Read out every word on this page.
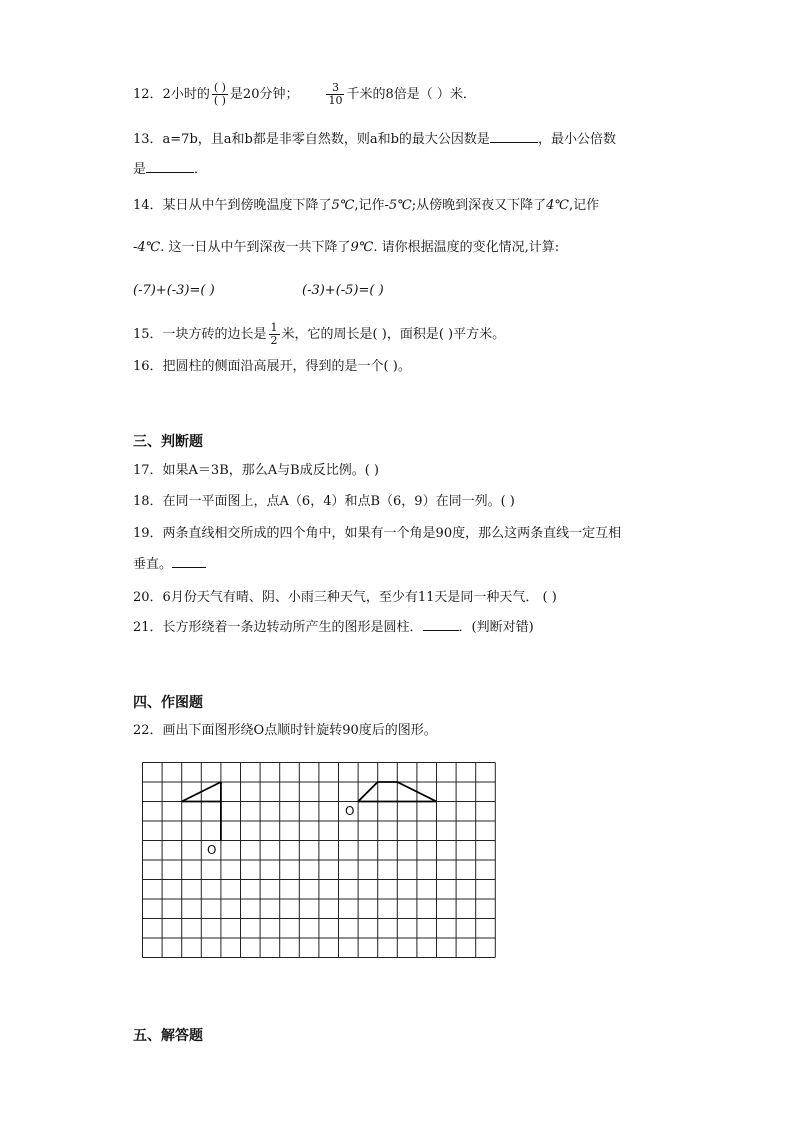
12．2小时的 $\frac{( )}{( )}$ 是20分钟；	$\frac{3}{10}$ 千米的8倍是（ ）米．
13．a=7b，且a和b都是非零自然数，则a和b的最大公因数是	，最小公倍数
是	．
14．某日从中午到傍晚温度下降了5℃,记作-5℃;从傍晚到深夜又下降了4℃,记作
-4℃. 这一日从中午到深夜一共下降了9℃. 请你根据温度的变化情况,计算:
(-7)+(-3)=( )	(-3)+(-5)=( )
15．一块方砖的边长是 $\frac{1}{2}$ 米，它的周长是( )，面积是( )平方米。
16．把圆柱的侧面沿高展开，得到的是一个( )。
三、判断题
17．如果A＝3B，那么A与B成反比例。( )
18．在同一平面图上，点A（6，4）和点B（6，9）在同一列。( )
19．两条直线相交所成的四个角中，如果有一个角是90度，那么这两条直线一定互相
垂直。
20．6月份天气有晴、阴、小雨三种天气，至少有11天是同一种天气． ( )
21．长方形绕着一条边转动所产生的图形是圆柱．	．(判断对错)
四、作图题
22．画出下面图形绕O点顺时针旋转90度后的图形。
O
O
五、解答题
